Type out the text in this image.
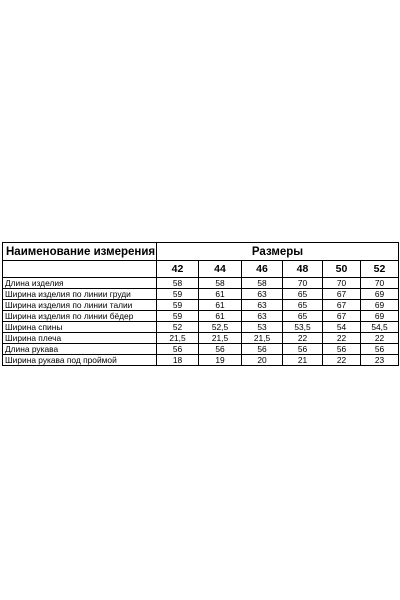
Наименование измерения	Размеры					
	42	44	46	48	50	52
Длина изделия	58	58	58	70	70	70
Ширина изделия по линии груди	59	61	63	65	67	69
Ширина изделия по линии талии	59	61	63	65	67	69
Ширина изделия по линии бёдер	59	61	63	65	67	69
Ширина спины	52	52,5	53	53,5	54	54,5
Ширина плеча	21,5	21,5	21,5	22	22	22
Длина рукава	56	56	56	56	56	56
Ширина рукава под проймой	18	19	20	21	22	23
